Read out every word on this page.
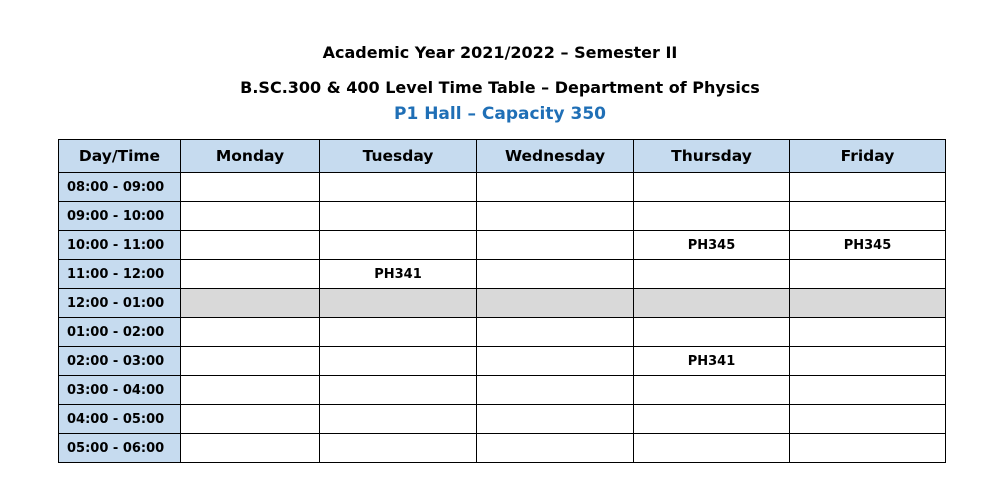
Academic Year 2021/2022 – Semester II
B.SC.300 & 400 Level Time Table – Department of Physics
P1 Hall – Capacity 350
Day/Time	Monday	Tuesday	Wednesday	Thursday	Friday
08:00 - 09:00					
09:00 - 10:00					
10:00 - 11:00				PH345	PH345
11:00 - 12:00		PH341			
12:00 - 01:00					
01:00 - 02:00					
02:00 - 03:00				PH341	
03:00 - 04:00					
04:00 - 05:00					
05:00 - 06:00					
